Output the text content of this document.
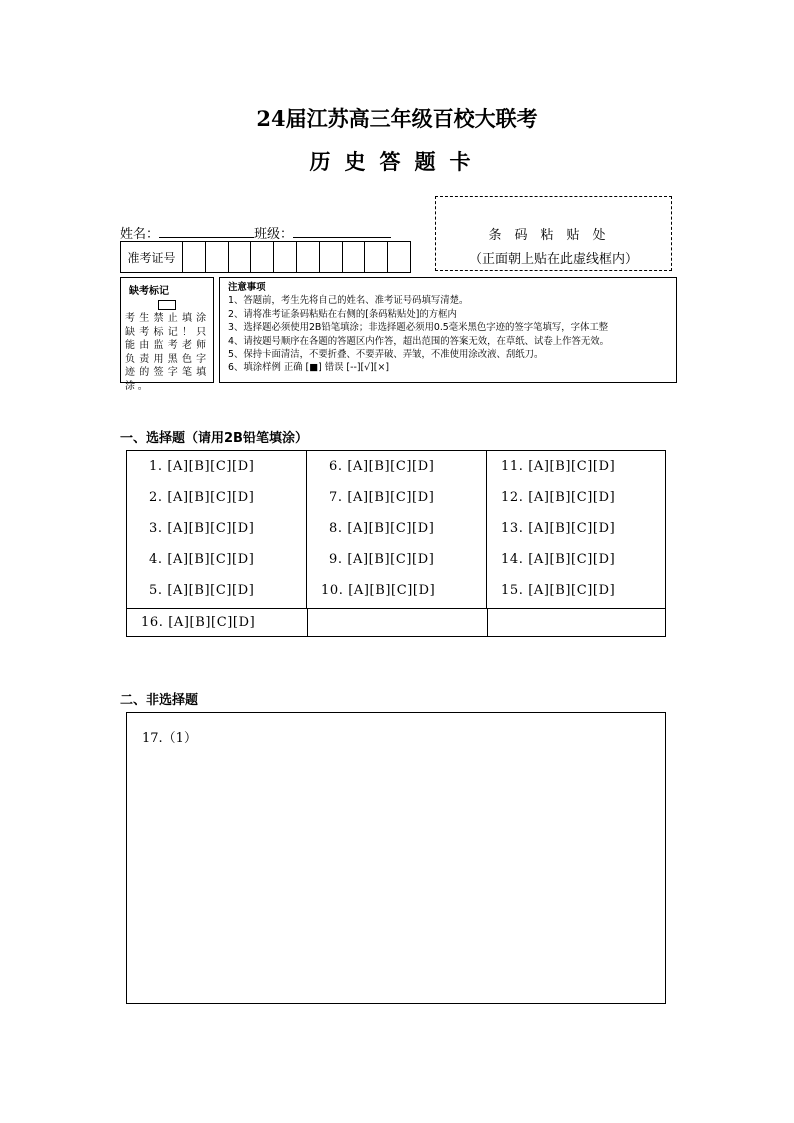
24届江苏高三年级百校大联考
历史答题卡
姓名：	班级：
准考证号
条码粘贴处
（正面朝上贴在此虚线框内）
缺考标记
考生禁止填涂缺考标记！只能由监考老师负责用黑色字迹的签字笔填涂。
注意事项
1、答题前，考生先将自己的姓名、准考证号码填写清楚。
2、请将准考证条码粘贴在右侧的[条码粘贴处]的方框内
3、选择题必须使用2B铅笔填涂；非选择题必须用0.5毫米黑色字迹的签字笔填写，字体工整
4、请按题号顺序在各题的答题区内作答，超出范围的答案无效，在草纸、试卷上作答无效。
5、保持卡面清洁，不要折叠、不要弄破、弄皱，不准使用涂改液、刮纸刀。
6、填涂样例 正确 [■] 错误 [--][√][×]
一、选择题（请用2B铅笔填涂）
1. [A][B][C][D]
2. [A][B][C][D]
3. [A][B][C][D]
4. [A][B][C][D]
5. [A][B][C][D]
6. [A][B][C][D]
7. [A][B][C][D]
8. [A][B][C][D]
9. [A][B][C][D]
10. [A][B][C][D]
11. [A][B][C][D]
12. [A][B][C][D]
13. [A][B][C][D]
14. [A][B][C][D]
15. [A][B][C][D]
16. [A][B][C][D]
二、非选择题
17.（1）
